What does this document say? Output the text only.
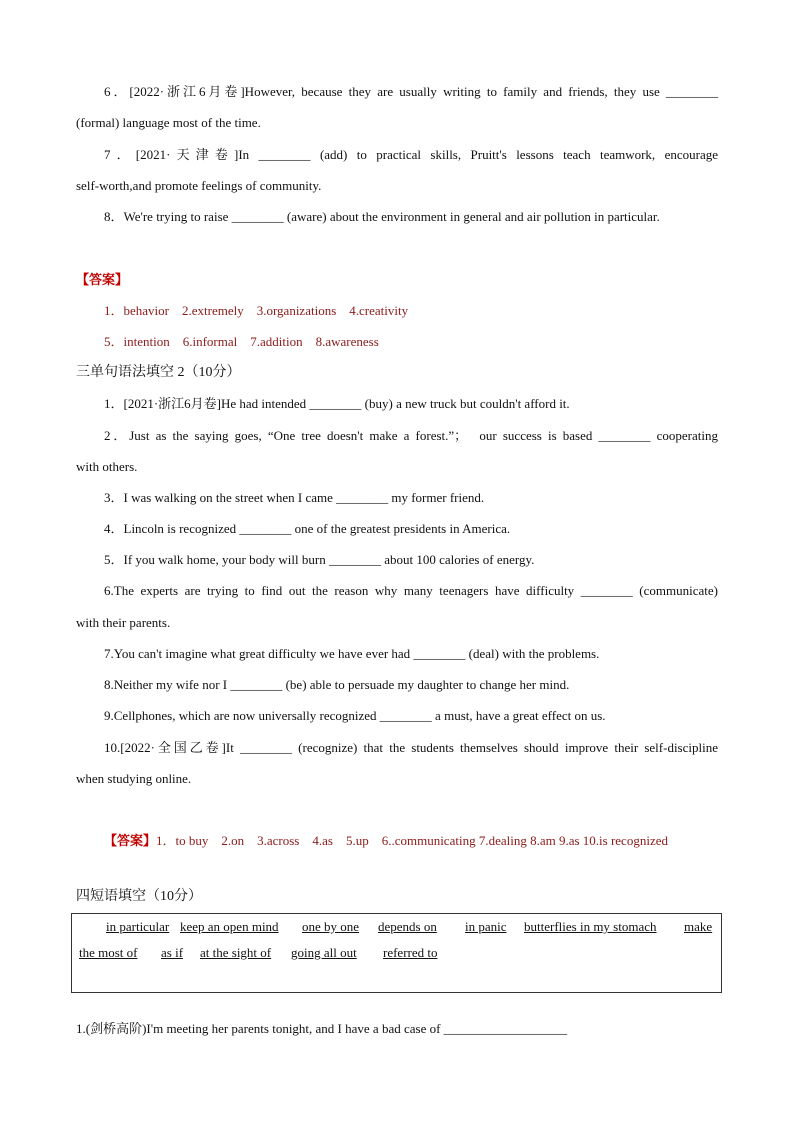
6．[2022·浙江6月卷]However, because they are usually writing to family and friends, they use ________
(formal) language most of the time.
7．[2021·天津卷]In ________ (add) to practical skills, Pruitt's lessons teach teamwork, encourage
self-worth,and promote feelings of community.
8．We're trying to raise ________ (aware) about the environment in general and air pollution in particular.
【答案】
1．behavior　2.extremely　3.organizations　4.creativity
5．intention　6.informal　7.addition　8.awareness
三单句语法填空 2（10分）
1．[2021·浙江6月卷]He had intended ________ (buy) a new truck but couldn't afford it.
2．Just as the saying goes, “One tree doesn't make a forest.”；　our success is based ________ cooperating
with others.
3．I was walking on the street when I came ________ my former friend.
4．Lincoln is recognized ________ one of the greatest presidents in America.
5．If you walk home, your body will burn ________ about 100 calories of energy.
6.The experts are trying to find out the reason why many teenagers have difficulty ________ (communicate)
with their parents.
7.You can't imagine what great difficulty we have ever had ________ (deal) with the problems.
8.Neither my wife nor I ________ (be) able to persuade my daughter to change her mind.
9.Cellphones, which are now universally recognized ________ a must, have a great effect on us.
10.[2022·全国乙卷]It ________ (recognize) that the students themselves should improve their self-discipline
when studying online.
【答案】1．to buy　2.on　3.across　4.as　5.up　6..communicating 7.dealing 8.am 9.as 10.is recognized
四短语填空（10分）
in particular keep an open mind one by one depends on in panic butterflies in my stomach make
the most of as if at the sight of going all out referred to
1.(剑桥高阶)I'm meeting her parents tonight, and I have a bad case of ___________________
